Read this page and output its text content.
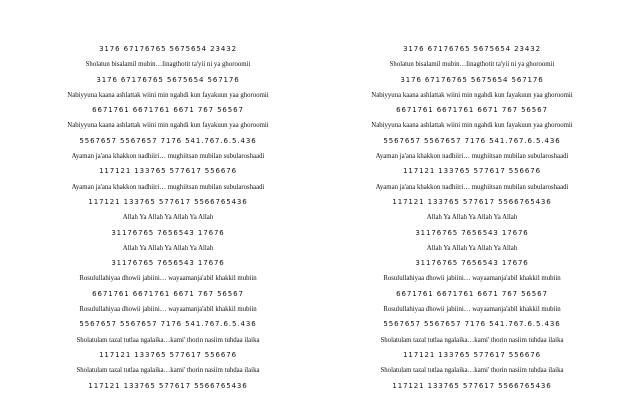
3176 67176765 5675654 23432
Sholatun bisalamil mubin…linagthotit ta'yii ni ya ghoroomii
3176 67176765 5675654 567176
Nabiyyuna kaana ashlattak wiini min ngahdi kun fayakuun yaa ghoroomii
6671761 6671761 6671 767 56567
Nabiyyuna kaana ashlattak wiini min ngahdi kun fayakuun yaa ghoroomii
5567657 5567657 7176 541.767.6.5.436
Ayaman ja'ana khakkon nadhiiri… mughiitsan mubilan subularoshaadi
117121 133765 577617 556676
Ayaman ja'ana khakkon nadhiiri… mughiitsan mubilan subularoshaadi
117121 133765 577617 5566765436
Allah Ya Allah Ya Allah Ya Allah
31176765 7656543 17676
Allah Ya Allah Ya Allah Ya Allah
31176765 7656543 17676
Rosulullahiyaa dhowii jabiini… wayaamanja'abil khakkil mubiin
6671761 6671761 6671 767 56567
Rosulullahiyaa dhowii jabiini… wayaamanja'abil khakkil mubiin
5567657 5567657 7176 541.767.6.5.436
Sholatulam tazal tutlaa ngalaika…kami' thorin nasiim tuhdaa ilaika
117121 133765 577617 556676
Sholatulam tazal tutlaa ngalaika…kami' thorin nasiim tuhdaa ilaika
117121 133765 577617 5566765436
3176 67176765 5675654 23432
Sholatun bisalamil mubin…linagthotit ta'yii ni ya ghoroomii
3176 67176765 5675654 567176
Nabiyyuna kaana ashlattak wiini min ngahdi kun fayakuun yaa ghoroomii
6671761 6671761 6671 767 56567
Nabiyyuna kaana ashlattak wiini min ngahdi kun fayakuun yaa ghoroomii
5567657 5567657 7176 541.767.6.5.436
Ayaman ja'ana khakkon nadhiiri… mughiitsan mubilan subularoshaadi
117121 133765 577617 556676
Ayaman ja'ana khakkon nadhiiri… mughiitsan mubilan subularoshaadi
117121 133765 577617 5566765436
Allah Ya Allah Ya Allah Ya Allah
31176765 7656543 17676
Allah Ya Allah Ya Allah Ya Allah
31176765 7656543 17676
Rosulullahiyaa dhowii jabiini… wayaamanja'abil khakkil mubiin
6671761 6671761 6671 767 56567
Rosulullahiyaa dhowii jabiini… wayaamanja'abil khakkil mubiin
5567657 5567657 7176 541.767.6.5.436
Sholatulam tazal tutlaa ngalaika…kami' thorin nasiim tuhdaa ilaika
117121 133765 577617 556676
Sholatulam tazal tutlaa ngalaika…kami' thorin nasiim tuhdaa ilaika
117121 133765 577617 5566765436
